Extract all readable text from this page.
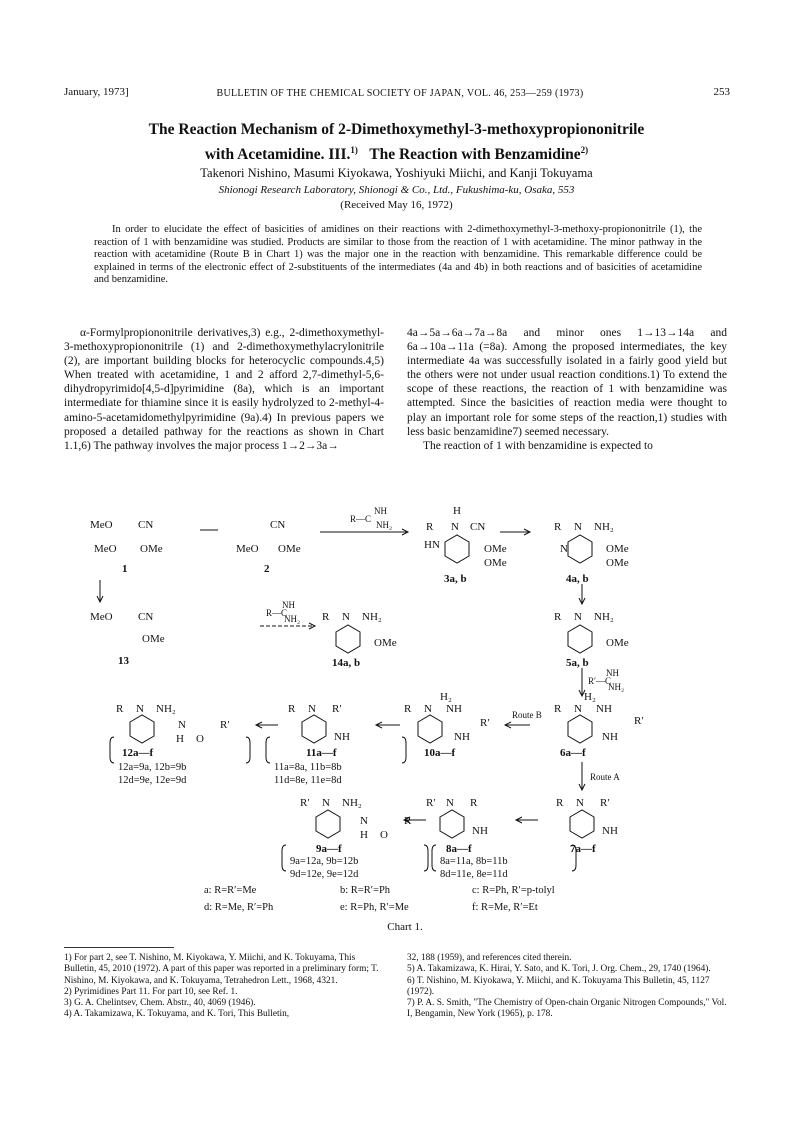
January, 1973]	BULLETIN OF THE CHEMICAL SOCIETY OF JAPAN, VOL. 46, 253—259 (1973)	253
The Reaction Mechanism of 2-Dimethoxymethyl-3-methoxypropiononitrile
with Acetamidine. III.$^{1)}$ The Reaction with Benzamidine$^{2)}$
Takenori Nishino, Masumi Kiyokawa, Yoshiyuki Miichi, and Kanji Tokuyama
Shionogi Research Laboratory, Shionogi & Co., Ltd., Fukushima-ku, Osaka, 553
(Received May 16, 1972)
In order to elucidate the effect of basicities of amidines on their reactions with 2-dimethoxymethyl-3-methoxy-propiononitrile (1), the reaction of 1 with benzamidine was studied. Products are similar to those from the reaction of 1 with acetamidine. The minor pathway in the reaction with acetamidine (Route B in Chart 1) was the major one in the reaction with benzamidine. This remarkable difference could be explained in terms of the electronic effect of 2-substituents of the intermediates (4a and 4b) in both reactions and of basicities of acetamidine and benzamidine.

α-Formylpropiononitrile derivatives,3) e.g., 2-dimethoxymethyl-3-methoxypropiononitrile (1) and 2-dimethoxymethylacrylonitrile (2), are important building blocks for heterocyclic compounds.4,5) When treated with acetamidine, 1 and 2 afford 2,7-dimethyl-5,6-dihydropyrimido[4,5-d]pyrimidine (8a), which is an important intermediate for thiamine since it is easily hydrolyzed to 2-methyl-4-amino-5-acetamidomethylpyrimidine (9a).4) In previous papers we proposed a detailed pathway for the reactions as shown in Chart 1.1,6) The pathway involves the major process 1→2→3a→

4a→5a→6a→7a→8a and minor ones 1→13→14a and 6a→10a→11a (=8a). Among the proposed intermediates, the key intermediate 4a was successfully isolated in a fairly good yield but the others were not under usual reaction conditions.1) To extend the scope of these reactions, the reaction of 1 with benzamidine was attempted. Since the basicities of reaction media were thought to play an important role for some steps of the reaction,1) studies with less basic benzamidine7) seemed necessary.

The reaction of 1 with benzamidine is expected to

MeO CN
MeO OMe
1
CN
MeO OMe
2
NH
R—C
NH₂
H
R N CN
HN	OMe
OMe
3a, b
R N NH₂
N	OMe
OMe
4a, b
MeO CN
OMe
13
NH
R—C
NH₂ R N NH₂
OMe
14a, b
R N NH₂
OMe
5a, b
NH
R′—C
NH₂
H₂
R N NH
R′
NH
6a—f
Route B
Route A
H₂
R N NH
R′
NH
10a—f
R N R′
NH
11a—f
11a=8a, 11b=8b
11d=8e, 11e=8d
R N NH₂
N	R′
H O
12a—f
12a=9a, 12b=9b
12d=9e, 12e=9d
R N R′
NH
7a—f
R′ N R
NH
8a—f
8a=11a, 8b=11b
8d=11e, 8e=11d
R′ N NH₂
N	R
H O
9a—f
9a=12a, 9b=12b
9d=12e, 9e=12d
a: R=R′=Me	b: R=R′=Ph	c: R=Ph, R′=p-tolyl
d: R=Me, R′=Ph	e: R=Ph, R′=Me	f: R=Me, R′=Et
Chart 1.
1) For part 2, see T. Nishino, M. Kiyokawa, Y. Miichi, and K. Tokuyama, This Bulletin, 45, 2010 (1972). A part of this paper was reported in a preliminary form; T. Nishino, M. Kiyokawa, and K. Tokuyama, Tetrahedron Lett., 1968, 4321.
2) Pyrimidines Part 11. For part 10, see Ref. 1.
3) G. A. Chelintsev, Chem. Abstr., 40, 4069 (1946).
4) A. Takamizawa, K. Tokuyama, and K. Tori, This Bulletin,
32, 188 (1959), and references cited therein.
5) A. Takamizawa, K. Hirai, Y. Sato, and K. Tori, J. Org. Chem., 29, 1740 (1964).
6) T. Nishino, M. Kiyokawa, Y. Miichi, and K. Tokuyama This Bulletin, 45, 1127 (1972).
7) P. A. S. Smith, "The Chemistry of Open-chain Organic Nitrogen Compounds," Vol. I, Bengamin, New York (1965), p. 178.
